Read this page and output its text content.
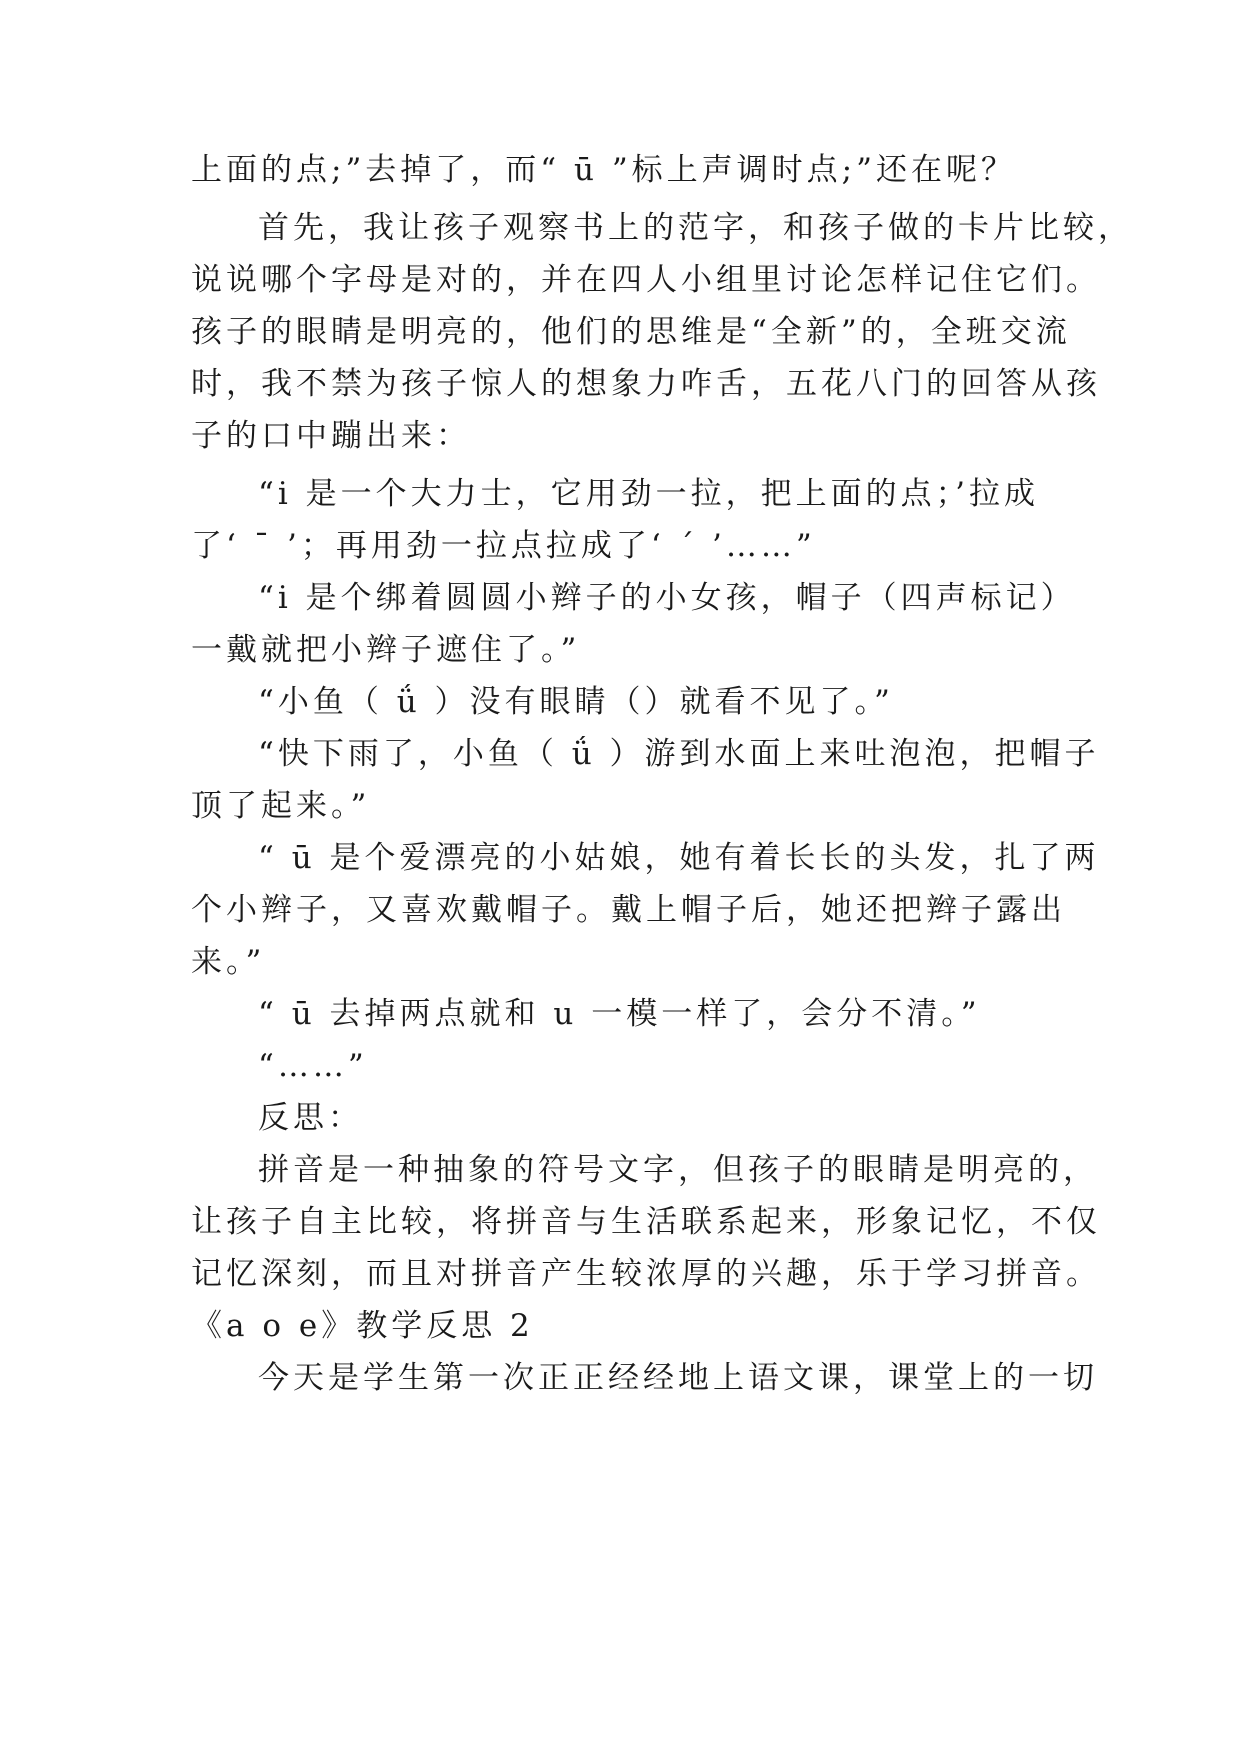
上面的点;”去掉了，而“ ū ”标上声调时点;”还在呢？
首先，我让孩子观察书上的范字，和孩子做的卡片比较，
说说哪个字母是对的，并在四人小组里讨论怎样记住它们。
孩子的眼睛是明亮的，他们的思维是“全新”的，全班交流
时，我不禁为孩子惊人的想象力咋舌，五花八门的回答从孩
子的口中蹦出来：
“i 是一个大力士，它用劲一拉，把上面的点；’拉成
了‘ ¯ ’；再用劲一拉点拉成了‘ ´ ’……”
“i 是个绑着圆圆小辫子的小女孩，帽子（四声标记）
一戴就把小辫子遮住了。”
“小鱼（ ǘ ）没有眼睛（）就看不见了。”
“快下雨了，小鱼（ ǘ ）游到水面上来吐泡泡，把帽子
顶了起来。”
“ ū 是个爱漂亮的小姑娘，她有着长长的头发，扎了两
个小辫子，又喜欢戴帽子。戴上帽子后，她还把辫子露出
来。”
“ ū 去掉两点就和 u 一模一样了，会分不清。”
“……”
反思：
拼音是一种抽象的符号文字，但孩子的眼睛是明亮的，
让孩子自主比较，将拼音与生活联系起来，形象记忆，不仅
记忆深刻，而且对拼音产生较浓厚的兴趣，乐于学习拼音。
《a o e》教学反思 2
今天是学生第一次正正经经地上语文课，课堂上的一切
